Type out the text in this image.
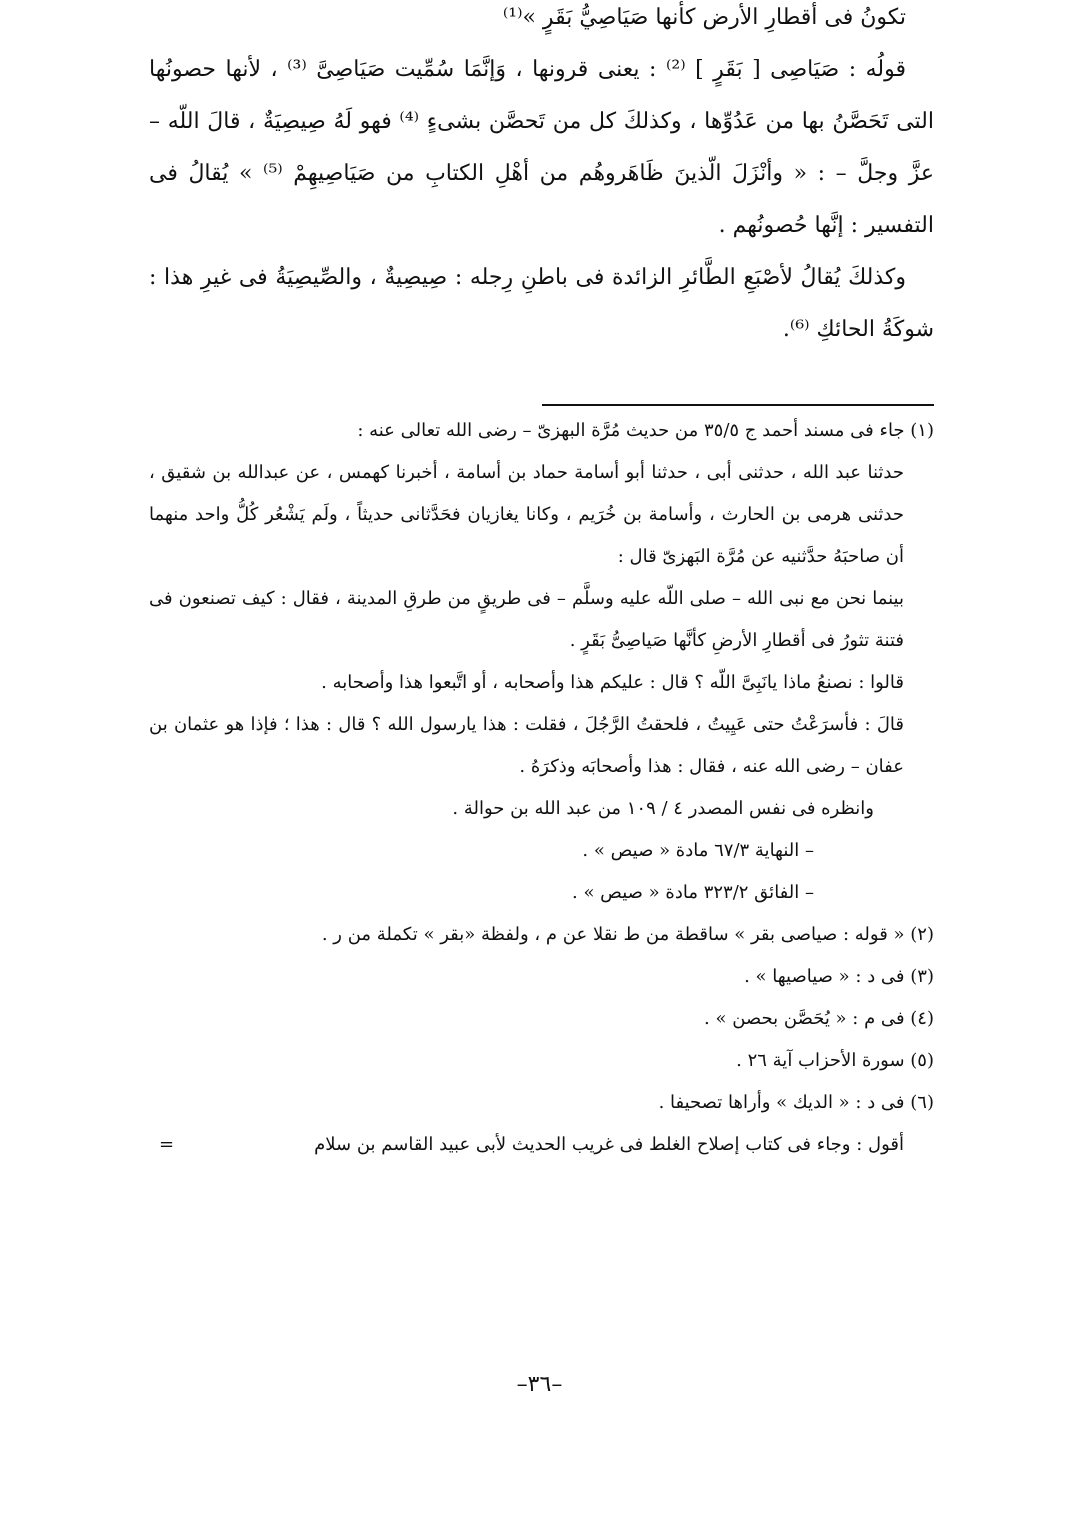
تكونُ فى أقطارِ الأرض كأنها صَيَاصِيُّ بَقَرٍ »⁽¹⁾

قولُه : صَيَاصِى [ بَقَرٍ ] ⁽²⁾ : يعنى قرونها ، وَإنَّمَا سُمِّيت صَيَاصِىَّ ⁽³⁾ ، لأنها حصونُها التى تَحَصَّنُ بها من عَدُوِّها ، وكذلكَ كل من تَحصَّن بشىءٍ ⁽⁴⁾ فهو لَهُ صِيصِيَةٌ ، قالَ اللّه – عزَّ وجلَّ – : « وأنْزَلَ الّذينَ ظَاهَروهُم من أهْلِ الكتابِ من صَيَاصِيهِمْ ⁽⁵⁾ » يُقالُ فى التفسير : إنَّها حُصونُهم .

وكذلكَ يُقالُ لأصْبَعِ الطَّائرِ الزائدة فى باطنِ رِجله : صِيصِيةٌ ، والصِّيصِيَةُ فى غيرِ هذا : شوكَةُ الحائكِ ⁽⁶⁾.

(١) جاء فى مسند أحمد ج ٣٥/٥ من حديث مُرَّة البهزىّ – رضى الله تعالى عنه :

حدثنا عبد الله ، حدثنى أبى ، حدثنا أبو أسامة حماد بن أسامة ، أخبرنا كهمس ، عن عبدالله بن شقيق ، حدثنى هرمى بن الحارث ، وأسامة بن خُرَيم ، وكانا يغازيان فحَدَّثانى حديثاً ، ولَم يَشْعُر كُلُّ واحد منهما أن صاحبَهُ حدَّثنيه عن مُرَّة البَهزىّ قال :

بينما نحن مع نبى الله – صلى اللّه عليه وسلَّم – فى طريقٍ من طرقِ المدينة ، فقال : كيف تصنعون فى فتنة تثورُ فى أقطارِ الأرضِ كأنَّها صَياصِىُّ بَقَرٍ .

قالوا : نصنعُ ماذا يانَبِىَّ اللّه ؟ قال : عليكم هذا وأصحابه ، أو اتَّبعوا هذا وأصحابه .

قالَ : فأسرَعْتُ حتى عَيِيتُ ، فلحقتُ الرَّجُلَ ، فقلت : هذا يارسول الله ؟ قال : هذا ؛ فإذا هو عثمان بن عفان – رضى الله عنه ، فقال : هذا وأصحابَه وذكرَهُ .

وانظره فى نفس المصدر ٤ / ١٠٩ من عبد الله بن حوالة .

– النهاية ٦٧/٣ مادة « صيص » .

– الفائق ٣٢٣/٢ مادة « صيص » .

(٢) « قوله : صياصى بقر » ساقطة من ط نقلا عن م ، ولفظة «بقر » تكملة من ر .

(٣) فى د : « صياصيها » .

(٤) فى م : « يُحَصَّن بحصن » .

(٥) سورة الأحزاب آية ٢٦ .

(٦) فى د : « الديك » وأراها تصحيفا .

أقول : وجاء فى كتاب إصلاح الغلط فى غريب الحديث لأبى عبيد القاسم بن سلام
=

–٣٦–
